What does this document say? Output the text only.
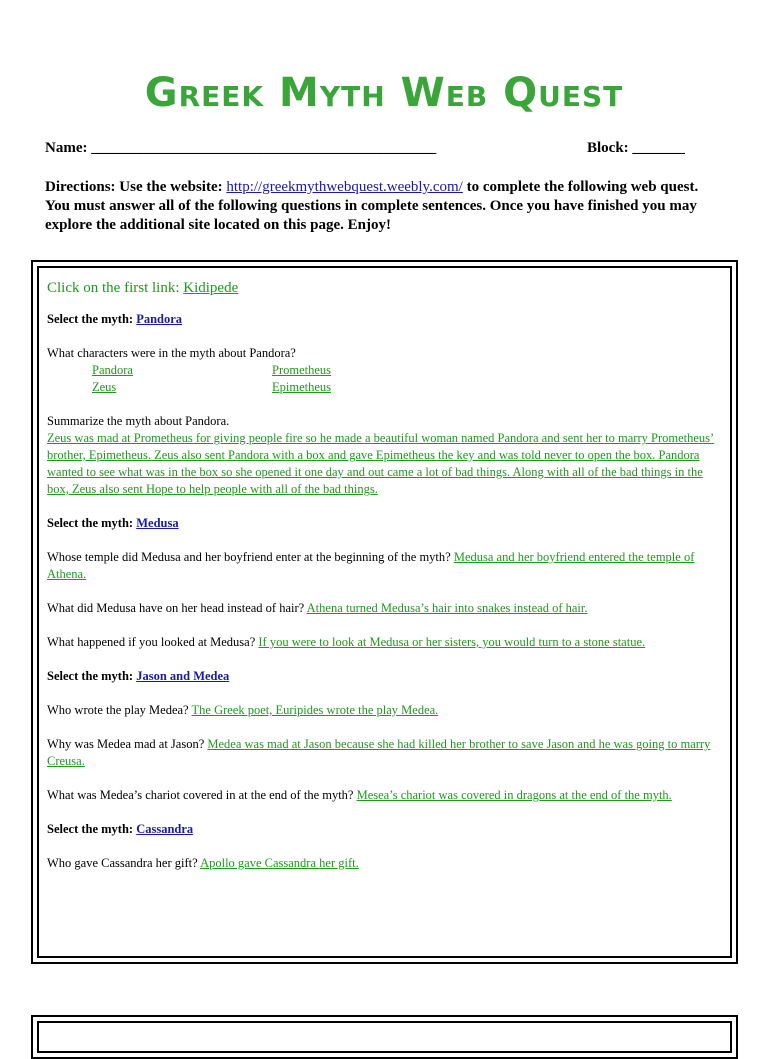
Greek Myth Web Quest
Name: ______________________________________________	Block: _______
Directions: Use the website: http://greekmythwebquest.weebly.com/ to complete the following web quest. You must answer all of the following questions in complete sentences. Once you have finished you may explore the additional site located on this page. Enjoy!
Click on the first link: Kidipede
Select the myth: Pandora
What characters were in the myth about Pandora?
Pandora	Prometheus
Zeus	Epimetheus
Summarize the myth about Pandora.
Zeus was mad at Prometheus for giving people fire so he made a beautiful woman named Pandora and sent her to marry Prometheus’ brother, Epimetheus. Zeus also sent Pandora with a box and gave Epimetheus the key and was told never to open the box. Pandora wanted to see what was in the box so she opened it one day and out came a lot of bad things. Along with all of the bad things in the box, Zeus also sent Hope to help people with all of the bad things.
Select the myth: Medusa
Whose temple did Medusa and her boyfriend enter at the beginning of the myth? Medusa and her boyfriend entered the temple of Athena.
What did Medusa have on her head instead of hair? Athena turned Medusa’s hair into snakes instead of hair.
What happened if you looked at Medusa? If you were to look at Medusa or her sisters, you would turn to a stone statue.
Select the myth: Jason and Medea
Who wrote the play Medea? The Greek poet, Euripides wrote the play Medea.
Why was Medea mad at Jason? Medea was mad at Jason because she had killed her brother to save Jason and he was going to marry Creusa.
What was Medea’s chariot covered in at the end of the myth? Mesea’s chariot was covered in dragons at the end of the myth.
Select the myth: Cassandra
Who gave Cassandra her gift? Apollo gave Cassandra her gift.
